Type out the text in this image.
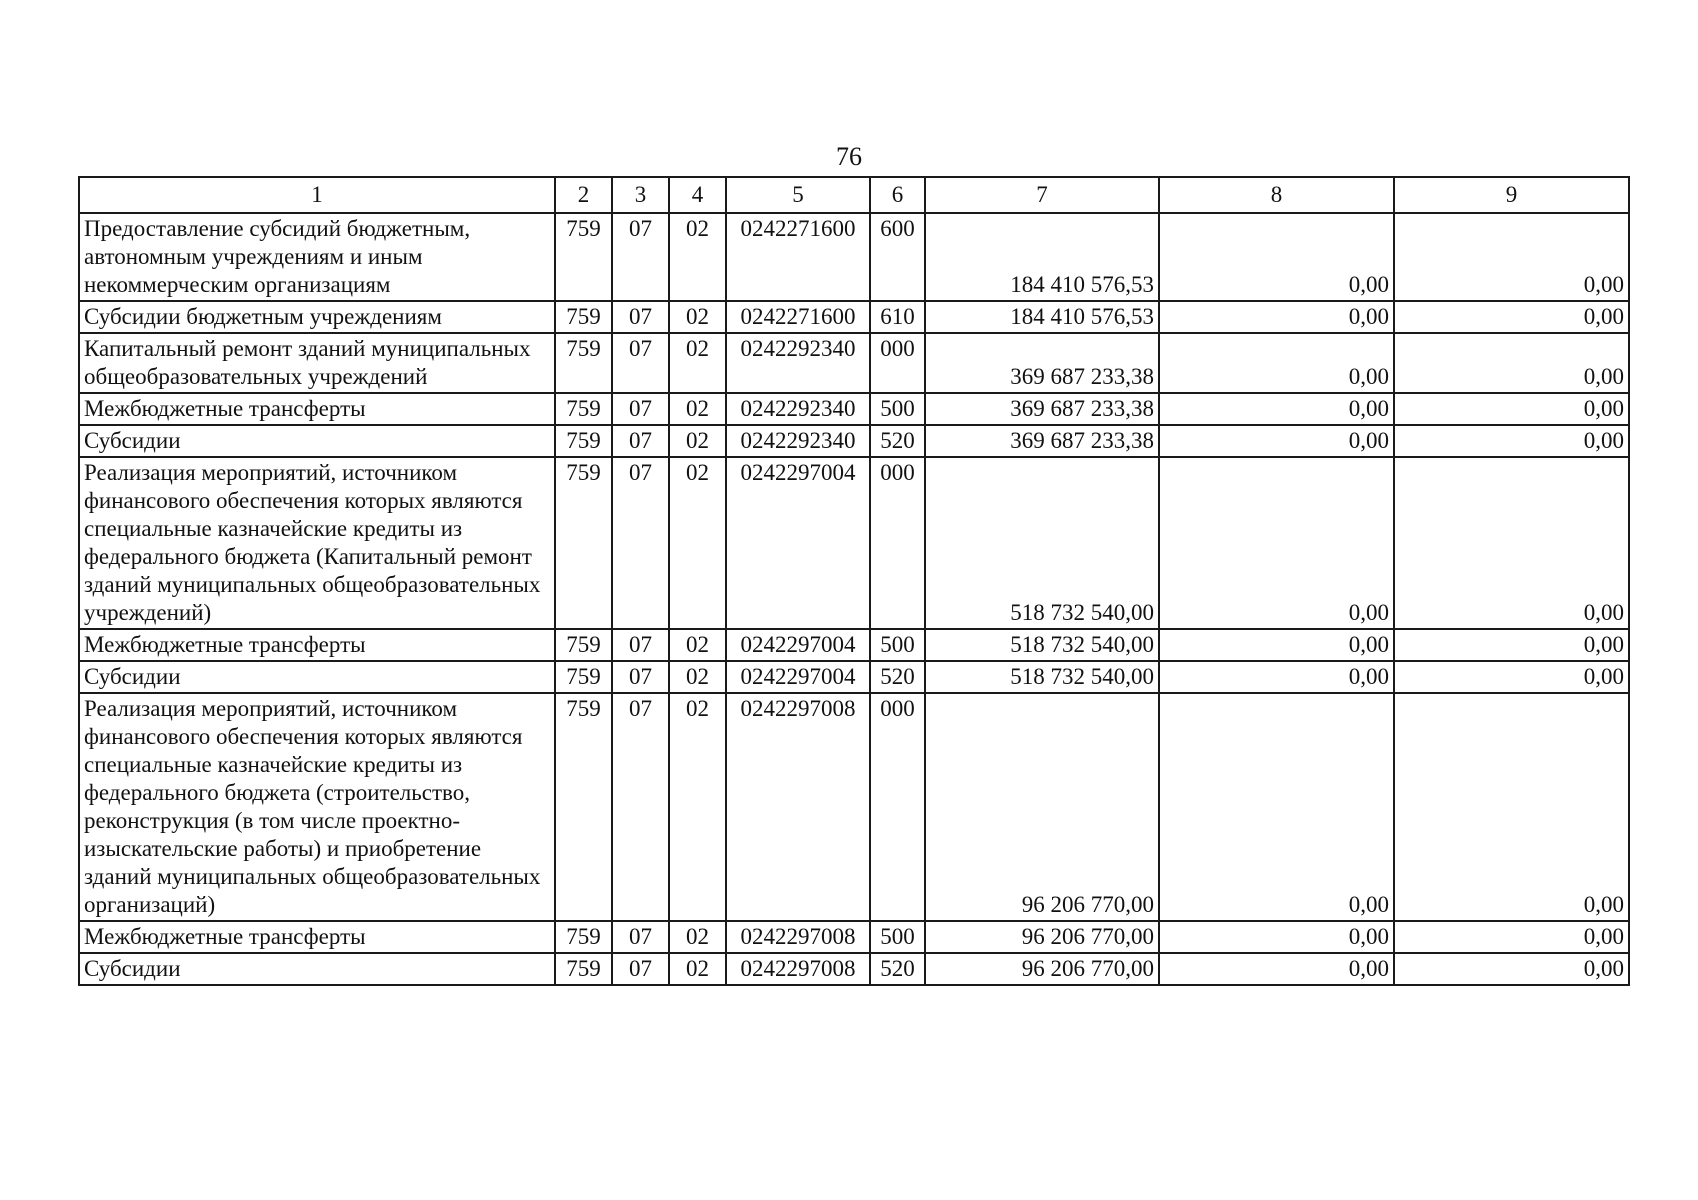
76
1	2	3	4	5	6	7	8	9
Предоставление субсидий бюджетным, автономным учреждениям и иным некоммерческим организациям	759	07	02	0242271600	600	184 410 576,53	0,00	0,00
Субсидии бюджетным учреждениям	759	07	02	0242271600	610	184 410 576,53	0,00	0,00
Капитальный ремонт зданий муниципальных общеобразовательных учреждений	759	07	02	0242292340	000	369 687 233,38	0,00	0,00
Межбюджетные трансферты	759	07	02	0242292340	500	369 687 233,38	0,00	0,00
Субсидии	759	07	02	0242292340	520	369 687 233,38	0,00	0,00
Реализация мероприятий, источником финансового обеспечения которых являются специальные казначейские кредиты из федерального бюджета (Капитальный ремонт зданий муниципальных общеобразовательных учреждений)	759	07	02	0242297004	000	518 732 540,00	0,00	0,00
Межбюджетные трансферты	759	07	02	0242297004	500	518 732 540,00	0,00	0,00
Субсидии	759	07	02	0242297004	520	518 732 540,00	0,00	0,00
Реализация мероприятий, источником финансового обеспечения которых являются специальные казначейские кредиты из федерального бюджета (строительство, реконструкция (в том числе проектно-изыскательские работы) и приобретение зданий муниципальных общеобразовательных организаций)	759	07	02	0242297008	000	96 206 770,00	0,00	0,00
Межбюджетные трансферты	759	07	02	0242297008	500	96 206 770,00	0,00	0,00
Субсидии	759	07	02	0242297008	520	96 206 770,00	0,00	0,00
